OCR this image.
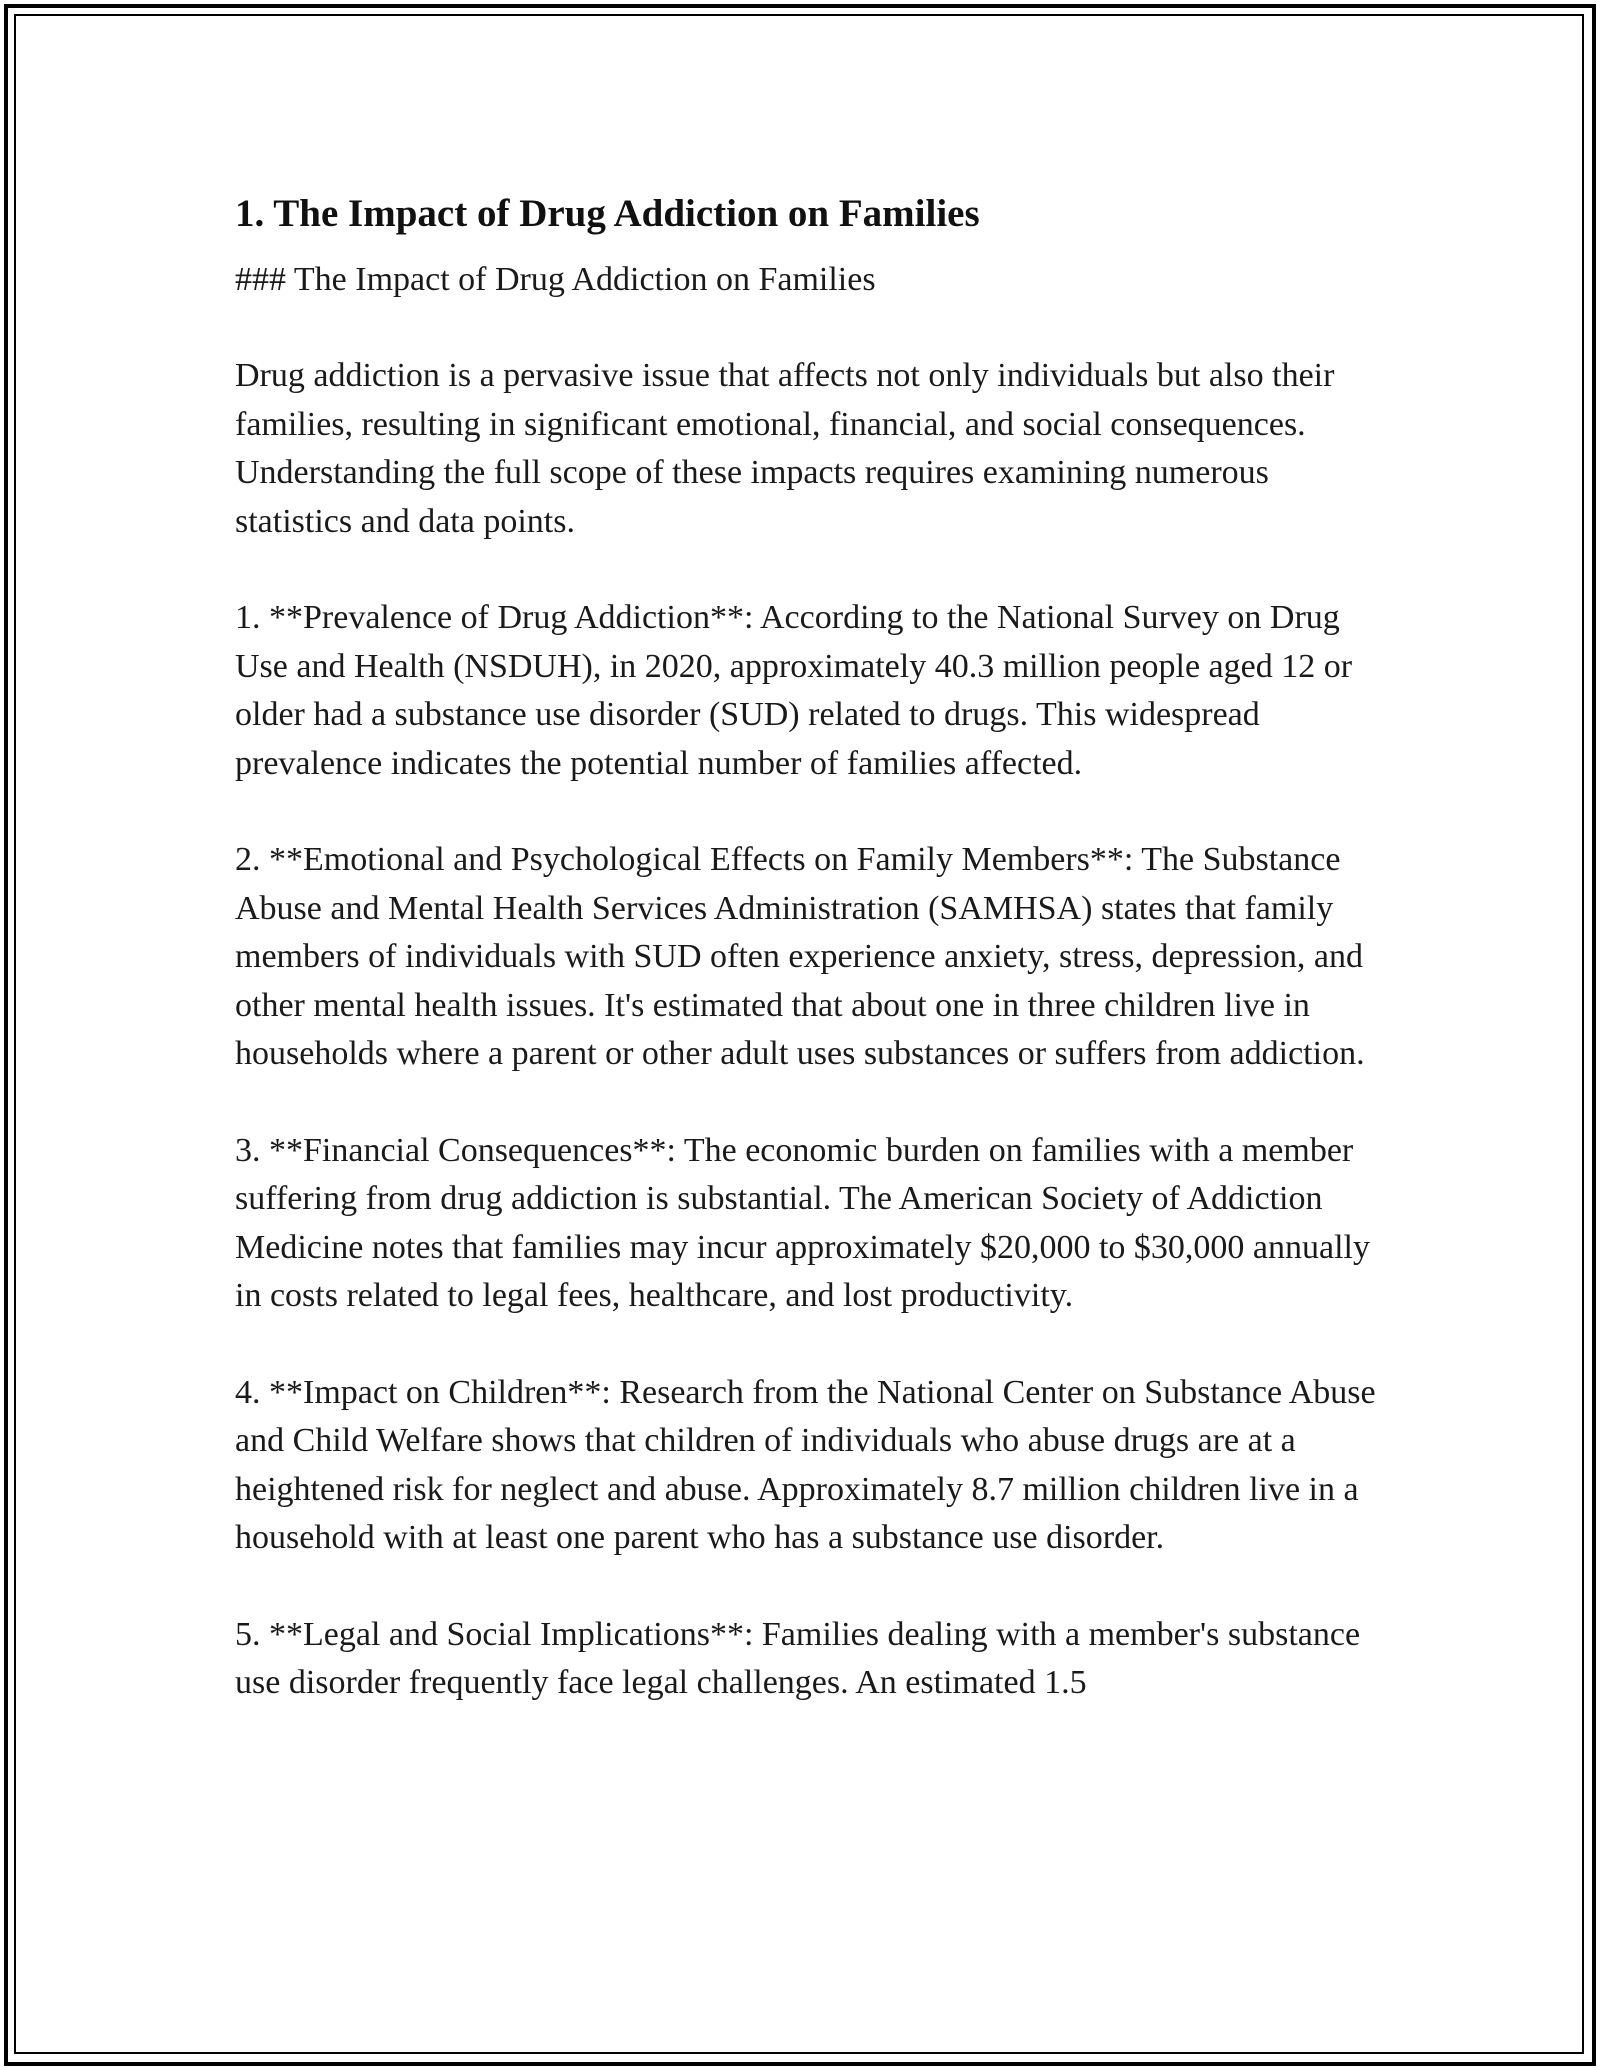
1. The Impact of Drug Addiction on Families

### The Impact of Drug Addiction on Families

Drug addiction is a pervasive issue that affects not only individuals but also their families, resulting in significant emotional, financial, and social consequences. Understanding the full scope of these impacts requires examining numerous statistics and data points.

1. **Prevalence of Drug Addiction**: According to the National Survey on Drug Use and Health (NSDUH), in 2020, approximately 40.3 million people aged 12 or older had a substance use disorder (SUD) related to drugs. This widespread prevalence indicates the potential number of families affected.

2. **Emotional and Psychological Effects on Family Members**: The Substance Abuse and Mental Health Services Administration (SAMHSA) states that family members of individuals with SUD often experience anxiety, stress, depression, and other mental health issues. It's estimated that about one in three children live in households where a parent or other adult uses substances or suffers from addiction.

3. **Financial Consequences**: The economic burden on families with a member suffering from drug addiction is substantial. The American Society of Addiction Medicine notes that families may incur approximately $20,000 to $30,000 annually in costs related to legal fees, healthcare, and lost productivity.

4. **Impact on Children**: Research from the National Center on Substance Abuse and Child Welfare shows that children of individuals who abuse drugs are at a heightened risk for neglect and abuse. Approximately 8.7 million children live in a household with at least one parent who has a substance use disorder.

5. **Legal and Social Implications**: Families dealing with a member's substance use disorder frequently face legal challenges. An estimated 1.5
